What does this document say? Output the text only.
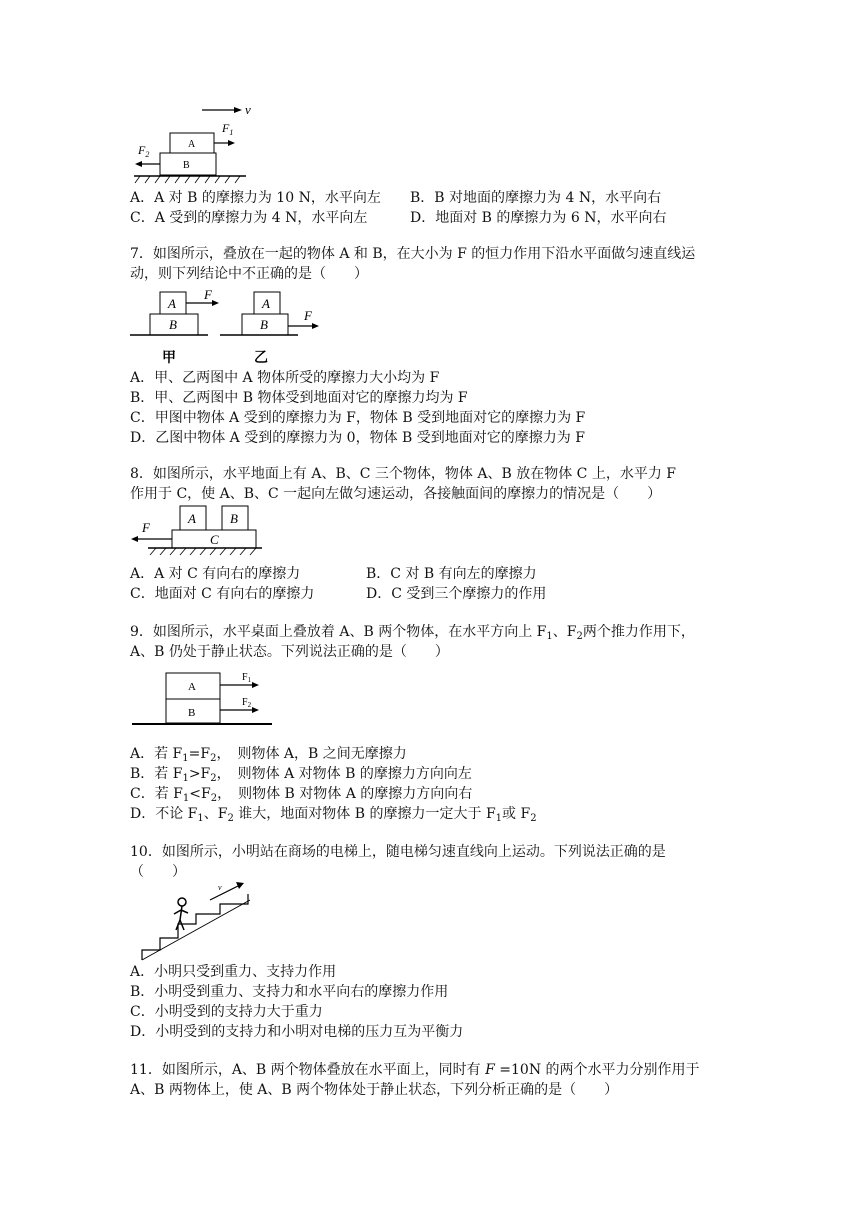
v
A
B
$F_1$
$F_2$
A．A 对 B 的摩擦力为 10 N，水平向左 B．B 对地面的摩擦力为 4 N，水平向右
C．A 受到的摩擦力为 4 N，水平向左	D．地面对 B 的摩擦力为 6 N，水平向右
7．如图所示，叠放在一起的物体 A 和 B，在大小为 F 的恒力作用下沿水平面做匀速直线运
动，则下列结论中不正确的是（　　）
A
B
F
A
B
F
甲	乙
A．甲、乙两图中 A 物体所受的摩擦力大小均为 F
B．甲、乙两图中 B 物体受到地面对它的摩擦力均为 F
C．甲图中物体 A 受到的摩擦力为 F，物体 B 受到地面对它的摩擦力为 F
D．乙图中物体 A 受到的摩擦力为 0，物体 B 受到地面对它的摩擦力为 F
8．如图所示，水平地面上有 A、B、C 三个物体，物体 A、B 放在物体 C 上，水平力 F
作用于 C，使 A、B、C 一起向左做匀速运动，各接触面间的摩擦力的情况是（　　）
A	B
C
F
A．A 对 C 有向右的摩擦力	B．C 对 B 有向左的摩擦力
C．地面对 C 有向右的摩擦力	D．C 受到三个摩擦力的作用
9．如图所示，水平桌面上叠放着 A、B 两个物体，在水平方向上 $F_1$、$F_2$两个推力作用下，
A、B 仍处于静止状态。下列说法正确的是（　　）
A
B
$F_1$
$F_2$
A．若 $F_1=F_2$，　则物体 A，B 之间无摩擦力
B．若 $F_1>F_2$，　则物体 A 对物体 B 的摩擦力方向向左
C．若 $F_1<F_2$，　则物体 B 对物体 A 的摩擦力方向向右
D．不论 $F_1$、$F_2$ 谁大，地面对物体 B 的摩擦力一定大于 $F_1$或 $F_2$
10．如图所示，小明站在商场的电梯上，随电梯匀速直线向上运动。下列说法正确的是
（　　）
v
A．小明只受到重力、支持力作用
B．小明受到重力、支持力和水平向右的摩擦力作用
C．小明受到的支持力大于重力
D．小明受到的支持力和小明对电梯的压力互为平衡力
11．如图所示，A、B 两个物体叠放在水平面上，同时有 F =10N 的两个水平力分别作用于
A、B 两物体上，使 A、B 两个物体处于静止状态，下列分析正确的是（　　）
